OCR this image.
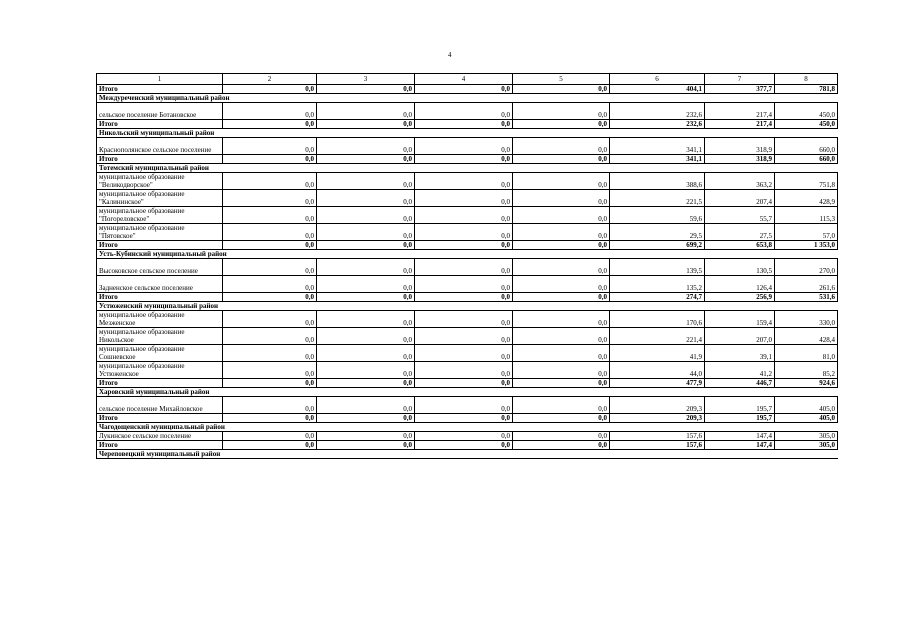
4
1	2	3	4	5	6	7	8
Итого	0,0	0,0	0,0	0,0	404,1	377,7	781,8
Междуреченский муниципальный район							
сельское поселение Ботановское	0,0	0,0	0,0	0,0	232,6	217,4	450,0
Итого	0,0	0,0	0,0	0,0	232,6	217,4	450,0
Никольский муниципальный район							
Краснополянское сельское поселение	0,0	0,0	0,0	0,0	341,1	318,9	660,0
Итого	0,0	0,0	0,0	0,0	341,1	318,9	660,0
Тотемский муниципальный район							
муниципальное образование "Великодворское"	0,0	0,0	0,0	0,0	388,6	363,2	751,8
муниципальное образование "Калининское"	0,0	0,0	0,0	0,0	221,5	207,4	428,9
муниципальное образование "Погореловское"	0,0	0,0	0,0	0,0	59,6	55,7	115,3
муниципальное образование "Пятовское"	0,0	0,0	0,0	0,0	29,5	27,5	57,0
Итого	0,0	0,0	0,0	0,0	699,2	653,8	1 353,0
Усть-Кубинский муниципальный район							
Высоковское сельское поселение	0,0	0,0	0,0	0,0	139,5	130,5	270,0
Задненское сельское поселение	0,0	0,0	0,0	0,0	135,2	126,4	261,6
Итого	0,0	0,0	0,0	0,0	274,7	256,9	531,6
Устюженский муниципальный район							
муниципальное образование Мезженское	0,0	0,0	0,0	0,0	170,6	159,4	330,0
муниципальное образование Никольское	0,0	0,0	0,0	0,0	221,4	207,0	428,4
муниципальное образование Сошневское	0,0	0,0	0,0	0,0	41,9	39,1	81,0
муниципальное образование Устюженское	0,0	0,0	0,0	0,0	44,0	41,2	85,2
Итого	0,0	0,0	0,0	0,0	477,9	446,7	924,6
Харовский муниципальный район							
сельское поселение Михайловское	0,0	0,0	0,0	0,0	209,3	195,7	405,0
Итого	0,0	0,0	0,0	0,0	209,3	195,7	405,0
Чагодощенский муниципальный район							
Лукинское сельское поселение	0,0	0,0	0,0	0,0	157,6	147,4	305,0
Итого	0,0	0,0	0,0	0,0	157,6	147,4	305,0
Череповецкий муниципальный район							
